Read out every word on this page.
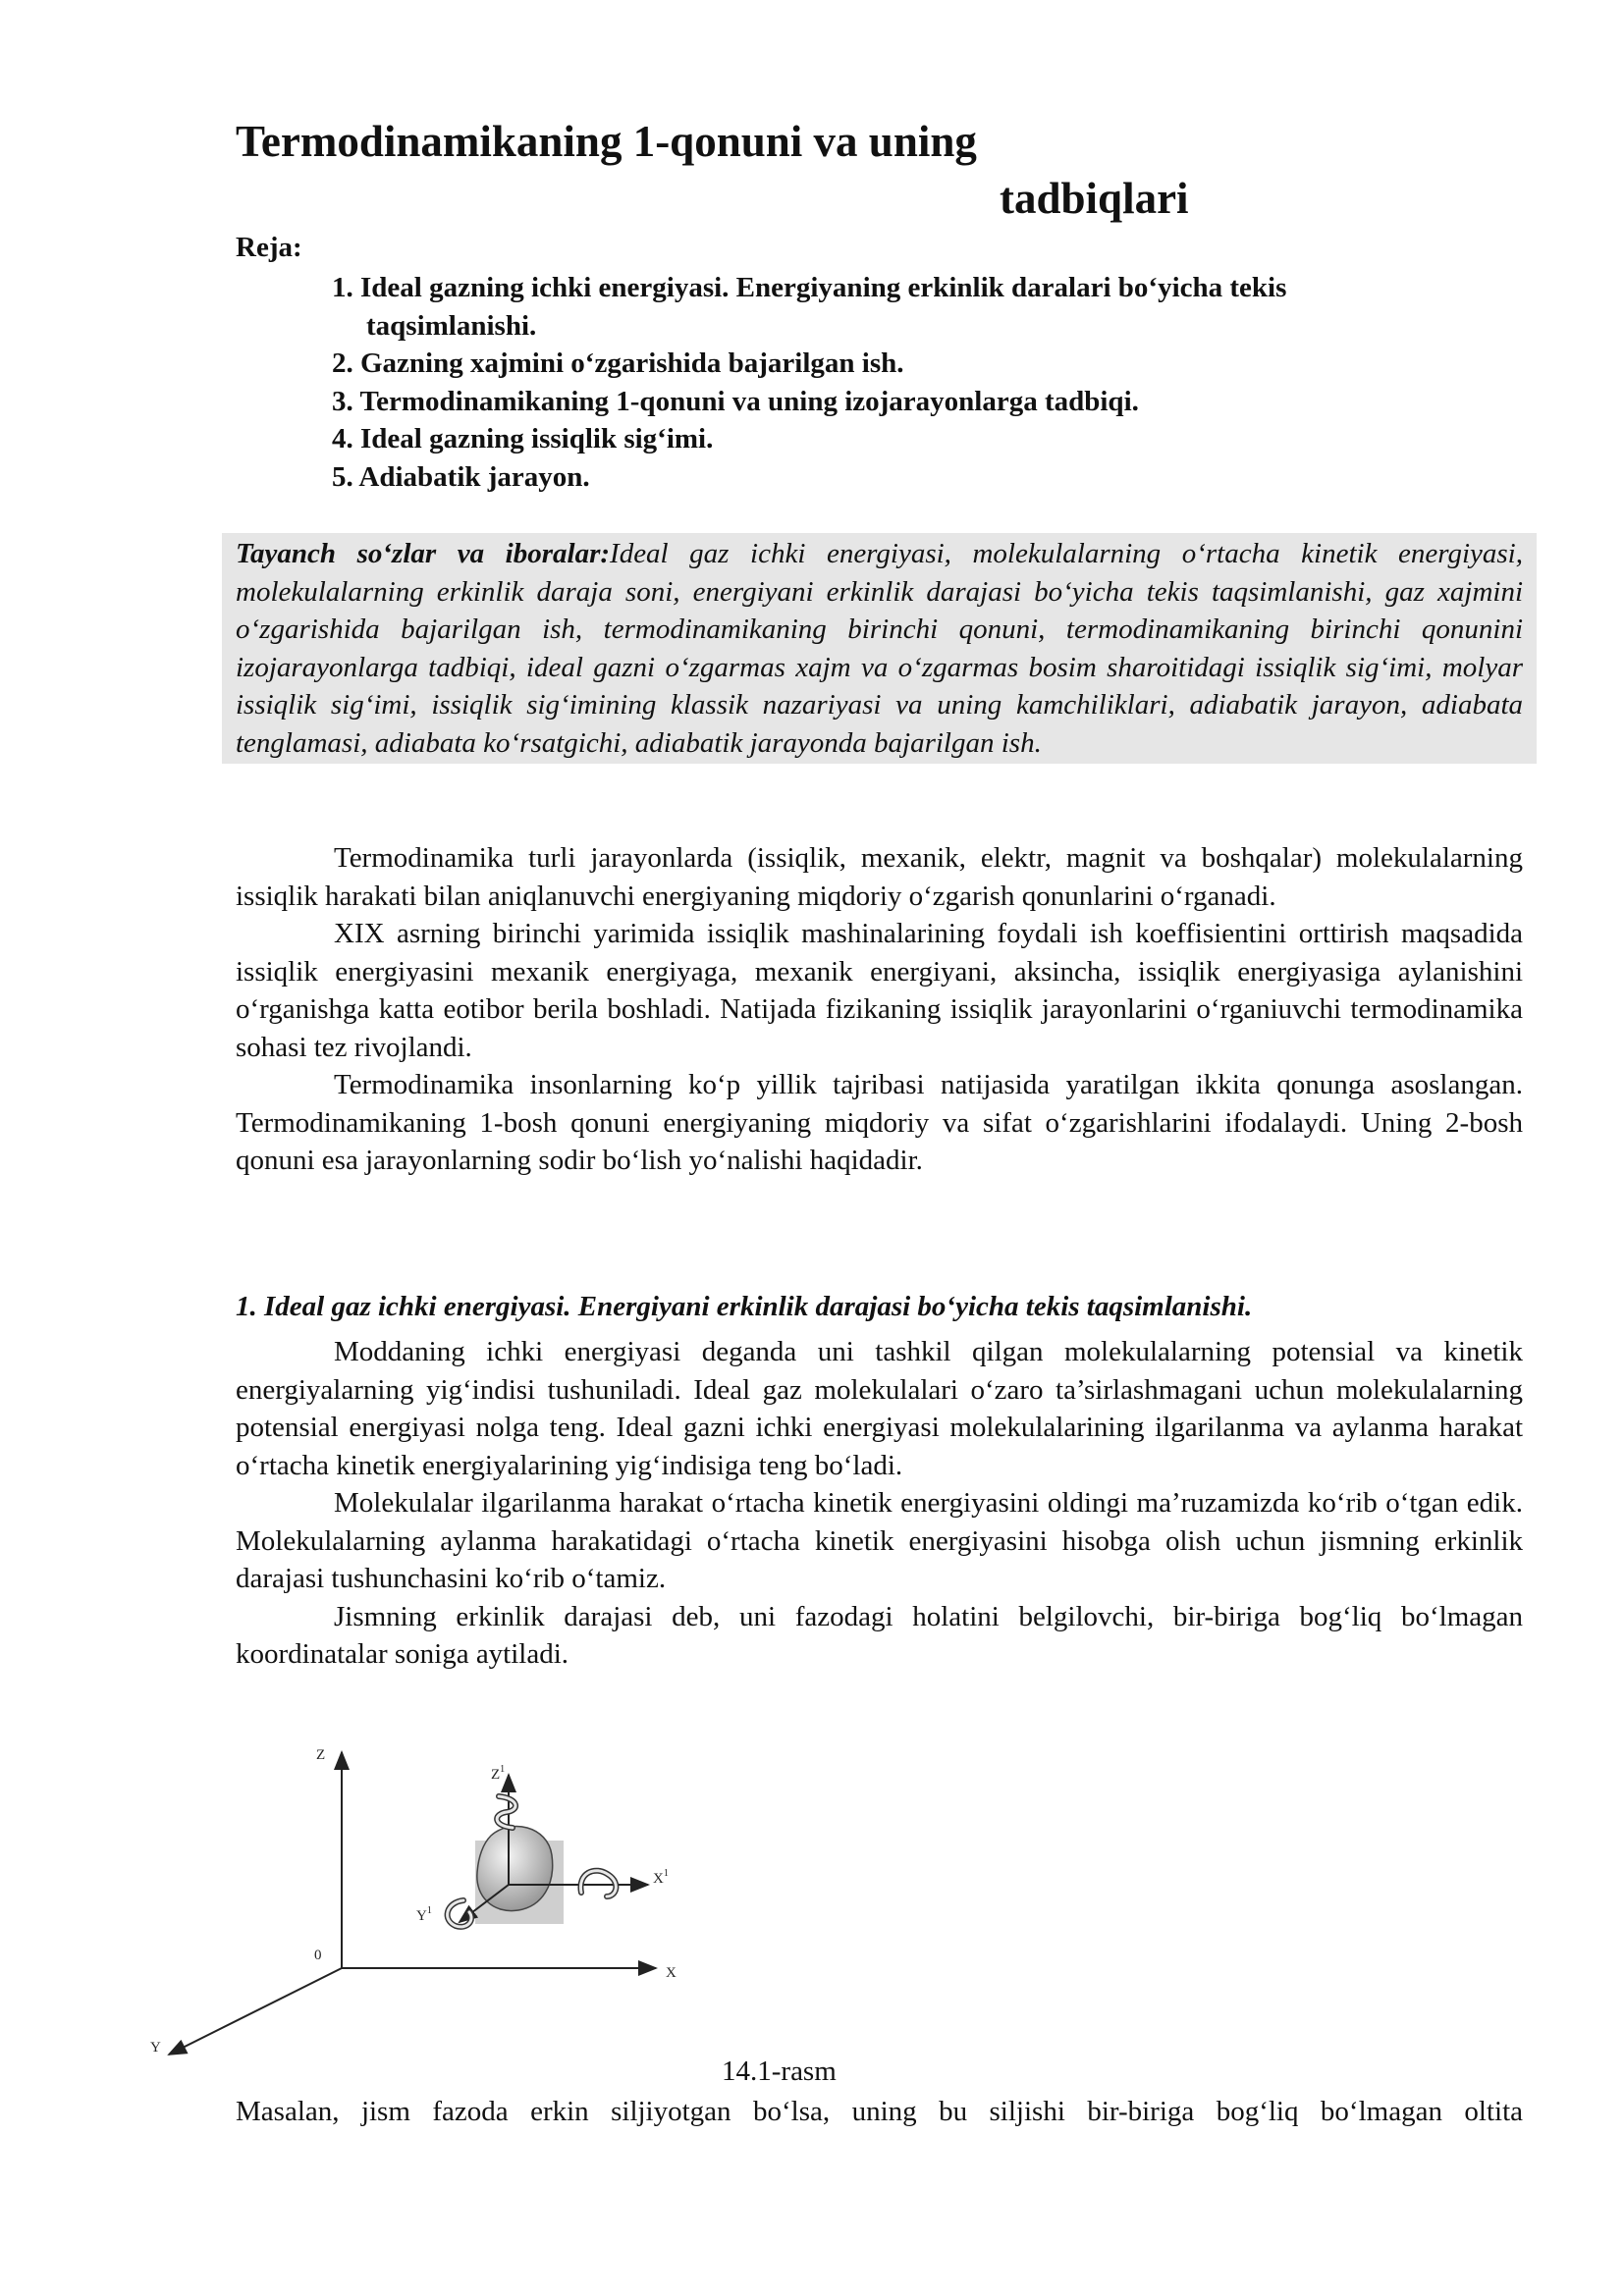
Termodinamikaning 1-qonuni va uning
tadbiqlari
Reja:
1. Ideal gazning ichki energiyasi. Energiyaning erkinlik daralari bo‘yicha tekis taqsimlanishi.
2. Gazning xajmini o‘zgarishida bajarilgan ish.
3. Termodinamikaning 1-qonuni va uning izojarayonlarga tadbiqi.
4. Ideal gazning issiqlik sig‘imi.
5. Adiabatik jarayon.
Tayanch so‘zlar va iboralar:Ideal gaz ichki energiyasi, molekulalarning o‘rtacha kinetik energiyasi, molekulalarning erkinlik daraja soni, energiyani erkinlik darajasi bo‘yicha tekis taqsimlanishi, gaz xajmini o‘zgarishida bajarilgan ish, termodinamikaning birinchi qonuni, termodinamikaning birinchi qonunini izojarayonlarga tadbiqi, ideal gazni o‘zgarmas xajm va o‘zgarmas bosim sharoitidagi issiqlik sig‘imi, molyar issiqlik sig‘imi, issiqlik sig‘imining klassik nazariyasi va uning kamchiliklari, adiabatik jarayon, adiabata tenglamasi, adiabata ko‘rsatgichi, adiabatik jarayonda bajarilgan ish.

Termodinamika turli jarayonlarda (issiqlik, mexanik, elektr, magnit va boshqalar) molekulalarning issiqlik harakati bilan aniqlanuvchi energiyaning miqdoriy o‘zgarish qonunlarini o‘rganadi.

XIX asrning birinchi yarimida issiqlik mashinalarining foydali ish koeffisientini orttirish maqsadida issiqlik energiyasini mexanik energiyaga, mexanik energiyani, aksincha, issiqlik energiyasiga aylanishini o‘rganishga katta eotibor berila boshladi. Natijada fizikaning issiqlik jarayonlarini o‘rganiuvchi termodinamika sohasi tez rivojlandi.

Termodinamika insonlarning ko‘p yillik tajribasi natijasida yaratilgan ikkita qonunga asoslangan. Termodinamikaning 1-bosh qonuni energiyaning miqdoriy va sifat o‘zgarishlarini ifodalaydi. Uning 2-bosh qonuni esa jarayonlarning sodir bo‘lish yo‘nalishi haqidadir.

1. Ideal gaz ichki energiyasi. Energiyani erkinlik darajasi bo‘yicha tekis taqsimlanishi.

Moddaning ichki energiyasi deganda uni tashkil qilgan molekulalarning potensial va kinetik energiyalarning yig‘indisi tushuniladi. Ideal gaz molekulalari o‘zaro ta’sirlashmagani uchun molekulalarning potensial energiyasi nolga teng. Ideal gazni ichki energiyasi molekulalarining ilgarilanma va aylanma harakat o‘rtacha kinetik energiyalarining yig‘indisiga teng bo‘ladi.

Molekulalar ilgarilanma harakat o‘rtacha kinetik energiyasini oldingi ma’ruzamizda ko‘rib o‘tgan edik. Molekulalarning aylanma harakatidagi o‘rtacha kinetik energiyasini hisobga olish uchun jismning erkinlik darajasi tushunchasini ko‘rib o‘tamiz.

Jismning erkinlik darajasi deb, uni fazodagi holatini belgilovchi, bir-biriga bog‘liq bo‘lmagan koordinatalar soniga aytiladi.

Z
X
Y
0
$Z^1$
$X^1$
$Y^1$
14.1-rasm

Masalan, jism fazoda erkin siljiyotgan bo‘lsa, uning bu siljishi bir-biriga bog‘liq bo‘lmagan oltita
